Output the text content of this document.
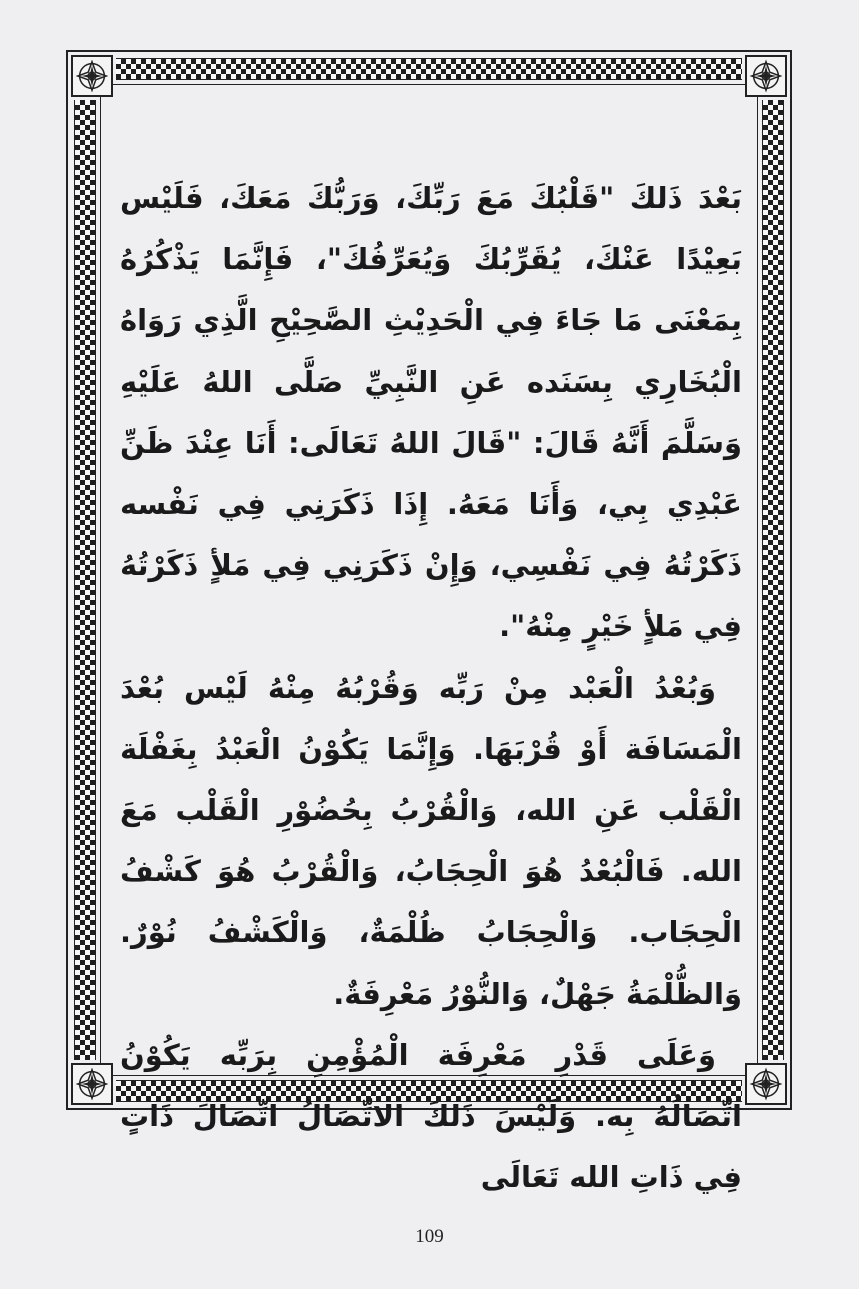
بَعْدَ ذَلكَ "قَلْبُكَ مَعَ رَبِّكَ، وَرَبُّكَ مَعَكَ، فَلَيْس بَعِيْدًا عَنْكَ، يُقَرِّبُكَ وَيُعَرِّفُكَ"، فَإِنَّمَا يَذْكُرُهُ بِمَعْنَى مَا جَاءَ فِي الْحَدِيْثِ الصَّحِيْحِ الَّذِي رَوَاهُ الْبُخَارِي بِسَنَده عَنِ النَّبِيِّ صَلَّى اللهُ عَلَيْهِ وَسَلَّمَ أَنَّهُ قَالَ: "قَالَ اللهُ تَعَالَى: أَنَا عِنْدَ ظَنِّ عَبْدِي بِي، وَأَنَا مَعَهُ. إِذَا ذَكَرَنِي فِي نَفْسه ذَكَرْتُهُ فِي نَفْسِي، وَإِنْ ذَكَرَنِي فِي مَلأٍ ذَكَرْتُهُ فِي مَلأٍ خَيْرٍ مِنْهُ".

وَبُعْدُ الْعَبْد مِنْ رَبِّه وَقُرْبُهُ مِنْهُ لَيْس بُعْدَ الْمَسَافَة أَوْ قُرْبَهَا. وَإِنَّمَا يَكُوْنُ الْعَبْدُ بِغَفْلَة الْقَلْب عَنِ الله، وَالْقُرْبُ بِحُضُوْرِ الْقَلْب مَعَ الله. فَالْبُعْدُ هُوَ الْحِجَابُ، وَالْقُرْبُ هُوَ كَشْفُ الْحِجَاب. وَالْحِجَابُ ظُلْمَةٌ، وَالْكَشْفُ نُوْرٌ. وَالظُّلْمَةُ جَهْلٌ، وَالنُّوْرُ مَعْرِفَةٌ.

وَعَلَى قَدْرِ مَعْرِفَة الْمُؤْمِنِ بِرَبِّه يَكُوْنُ اتِّصَالُهُ بِه. وَلَيْسَ ذَلكَ الاتِّصَالُ اتِّصَالَ ذَاتٍ فِي ذَاتِ الله تَعَالَى

109
